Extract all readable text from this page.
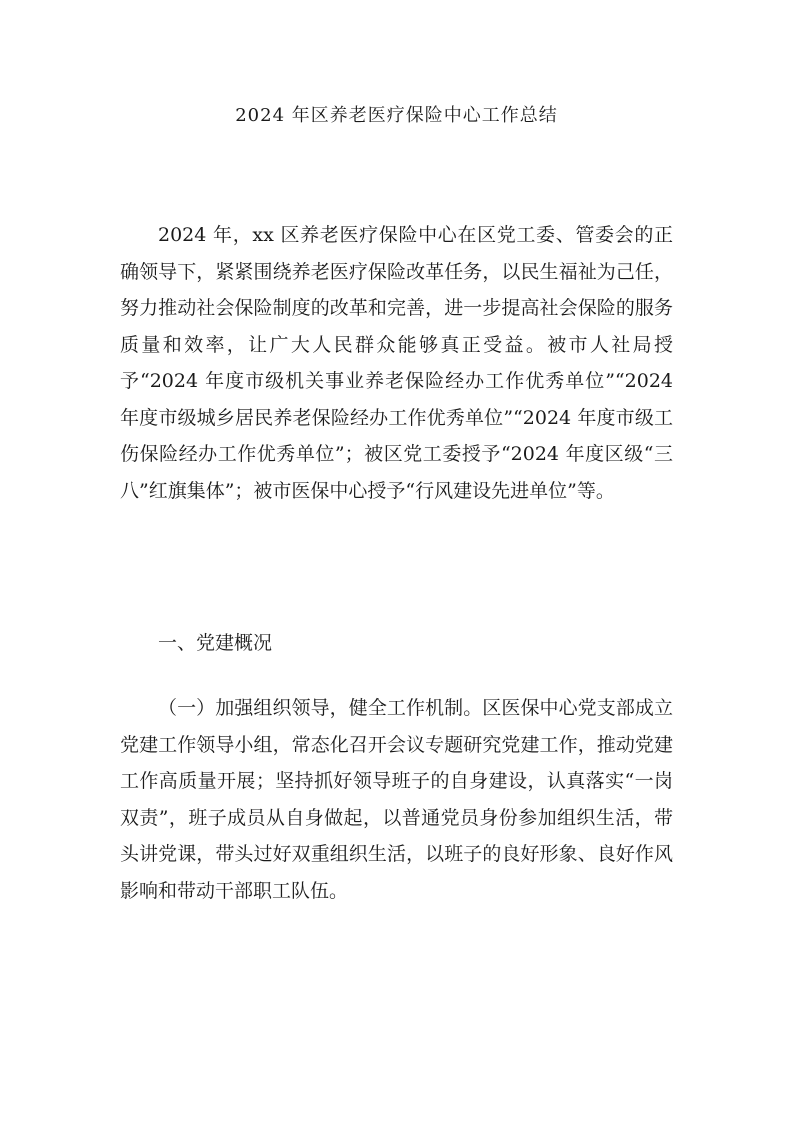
2024 年区养老医疗保险中心工作总结

2024 年，xx 区养老医疗保险中心在区党工委、管委会的正确领导下，紧紧围绕养老医疗保险改革任务，以民生福祉为己任，努力推动社会保险制度的改革和完善，进一步提高社会保险的服务质量和效率，让广大人民群众能够真正受益。被市人社局授予“2024 年度市级机关事业养老保险经办工作优秀单位”“2024 年度市级城乡居民养老保险经办工作优秀单位”“2024 年度市级工伤保险经办工作优秀单位”；被区党工委授予“2024 年度区级“三八”红旗集体”；被市医保中心授予“行风建设先进单位”等。

一、党建概况

（一）加强组织领导，健全工作机制。区医保中心党支部成立党建工作领导小组，常态化召开会议专题研究党建工作，推动党建工作高质量开展；坚持抓好领导班子的自身建设，认真落实“一岗双责”，班子成员从自身做起，以普通党员身份参加组织生活，带头讲党课，带头过好双重组织生活，以班子的良好形象、良好作风影响和带动干部职工队伍。
